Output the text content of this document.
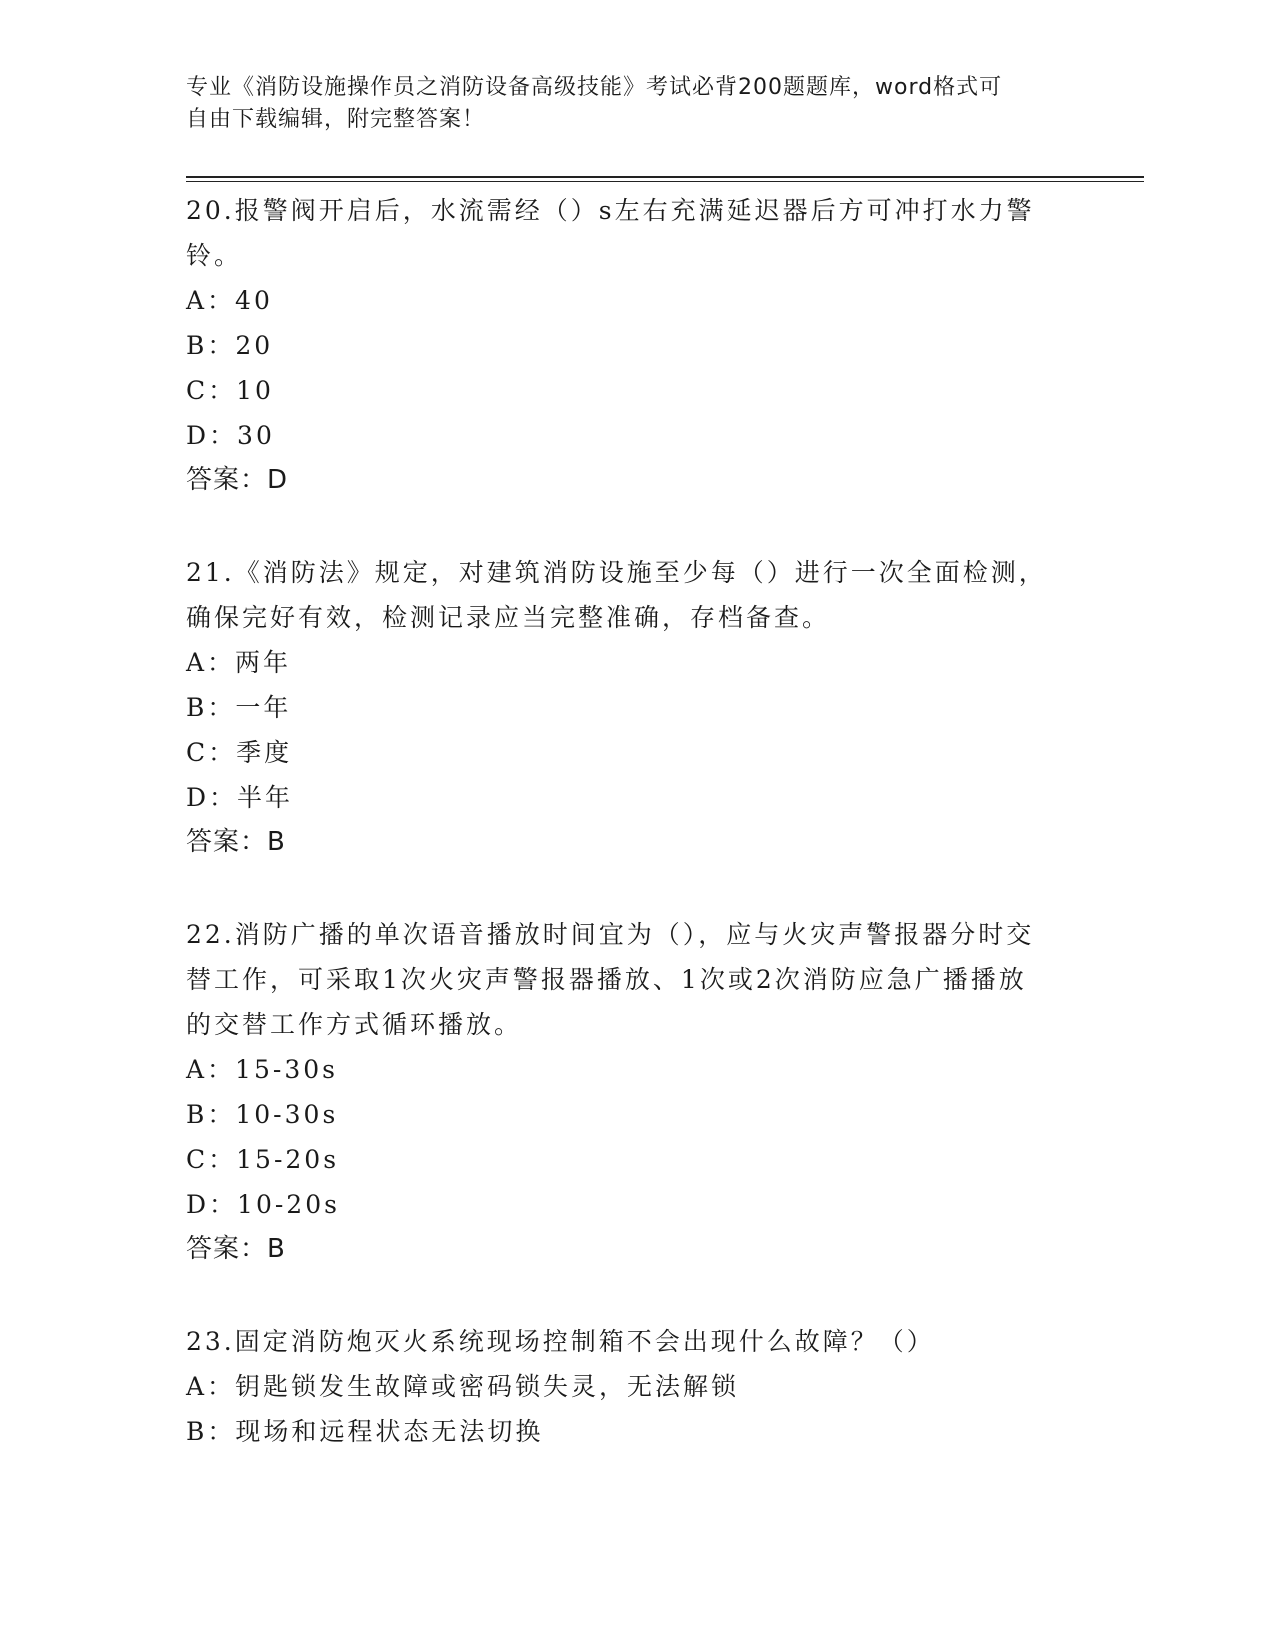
专业《消防设施操作员之消防设备高级技能》考试必背200题题库，word格式可
自由下载编辑，附完整答案！
20.报警阀开启后，水流需经（）s左右充满延迟器后方可冲打水力警
铃。
A：40
B：20
C：10
D：30
答案：D
21.《消防法》规定，对建筑消防设施至少每（）进行一次全面检测，
确保完好有效，检测记录应当完整准确，存档备查。
A：两年
B：一年
C：季度
D：半年
答案：B
22.消防广播的单次语音播放时间宜为（），应与火灾声警报器分时交
替工作，可采取1次火灾声警报器播放、1次或2次消防应急广播播放
的交替工作方式循环播放。
A：15-30s
B：10-30s
C：15-20s
D：10-20s
答案：B
23.固定消防炮灭火系统现场控制箱不会出现什么故障？（）
A：钥匙锁发生故障或密码锁失灵，无法解锁
B：现场和远程状态无法切换
